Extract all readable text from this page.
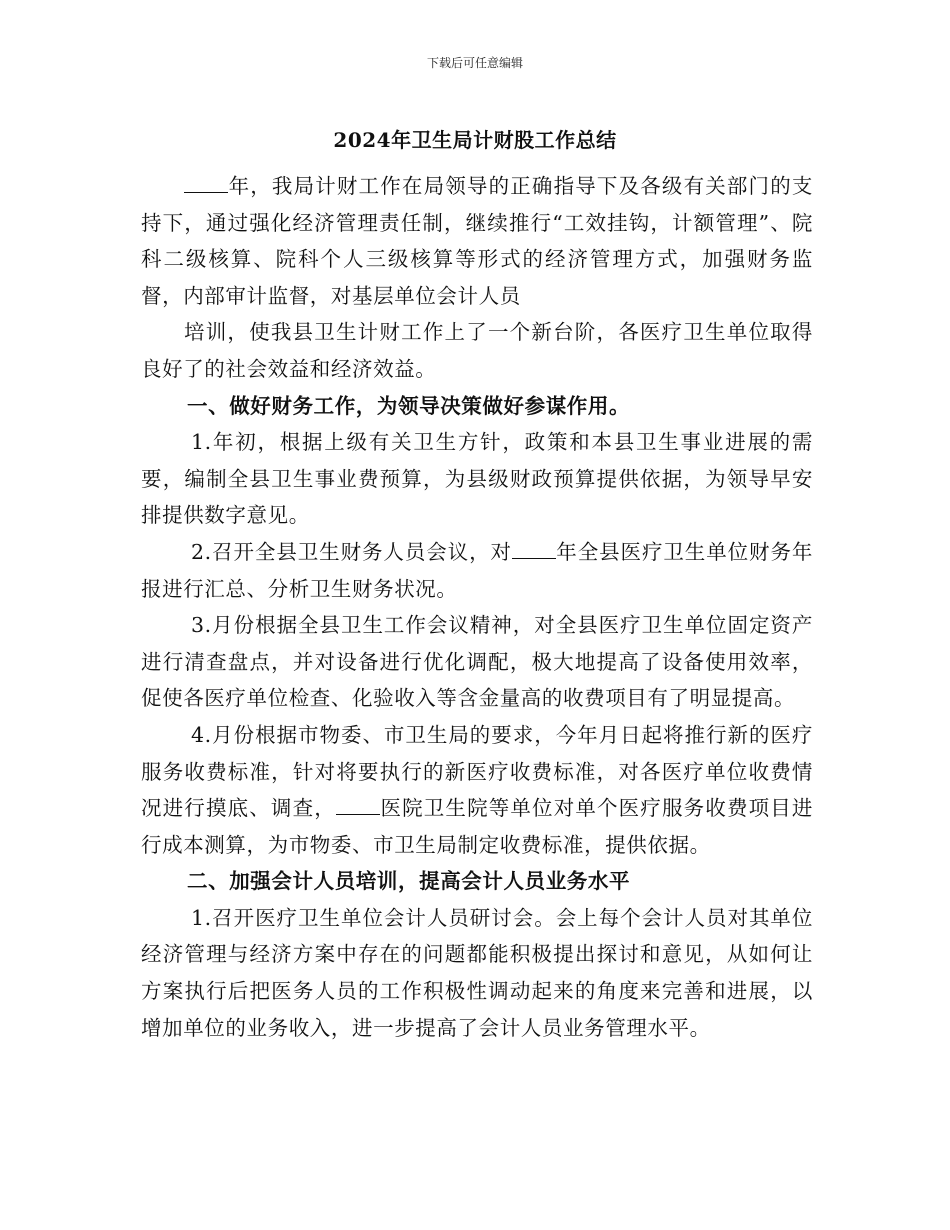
下载后可任意编辑
2024年卫生局计财股工作总结

年，我局计财工作在局领导的正确指导下及各级有关部门的支持下，通过强化经济管理责任制，继续推行“工效挂钩，计额管理”、院科二级核算、院科个人三级核算等形式的经济管理方式，加强财务监督，内部审计监督，对基层单位会计人员

培训，使我县卫生计财工作上了一个新台阶，各医疗卫生单位取得良好了的社会效益和经济效益。

一、做好财务工作，为领导决策做好参谋作用。

1.年初，根据上级有关卫生方针，政策和本县卫生事业进展的需要，编制全县卫生事业费预算，为县级财政预算提供依据，为领导早安排提供数字意见。

2.召开全县卫生财务人员会议，对 年全县医疗卫生单位财务年报进行汇总、分析卫生财务状况。

3.月份根据全县卫生工作会议精神，对全县医疗卫生单位固定资产进行清查盘点，并对设备进行优化调配，极大地提高了设备使用效率，促使各医疗单位检查、化验收入等含金量高的收费项目有了明显提高。

4.月份根据市物委、市卫生局的要求，今年月日起将推行新的医疗服务收费标准，针对将要执行的新医疗收费标准，对各医疗单位收费情况进行摸底、调查， 医院卫生院等单位对单个医疗服务收费项目进行成本测算，为市物委、市卫生局制定收费标准，提供依据。

二、加强会计人员培训，提高会计人员业务水平

1.召开医疗卫生单位会计人员研讨会。会上每个会计人员对其单位经济管理与经济方案中存在的问题都能积极提出探讨和意见，从如何让方案执行后把医务人员的工作积极性调动起来的角度来完善和进展，以增加单位的业务收入，进一步提高了会计人员业务管理水平。
